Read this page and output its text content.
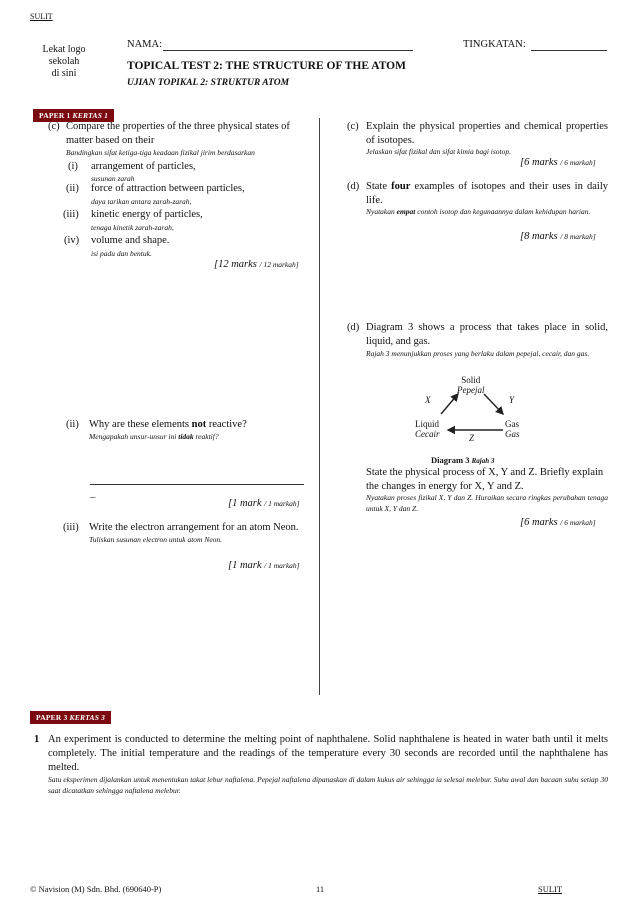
SULIT
Lekat logo
sekolah
di sini
NAMA:	TINGKATAN:
TOPICAL TEST 2: THE STRUCTURE OF THE ATOM
UJIAN TOPIKAL 2: STRUKTUR ATOM
PAPER 1 KERTAS 1
(c) Compare the properties of the three physical states of matter based on their
Bandingkan sifat ketiga-tiga keadaan fizikal jirim berdasarkan
(i) arrangement of particles,
susunan zarah
(ii) force of attraction between particles,
daya tarikan antara zarah-zarah,
(iii) kinetic energy of particles,
tenaga kinetik zarah-zarah,
(iv) volume and shape.
isi padu dan bentuk.
[12 marks / 12 markah]
(ii) Why are these elements not reactive?
Mengapakah unsur-unsur ini tidak reaktif?
_
[1 mark / 1 markah]
(iii) Write the electron arrangement for an atom Neon.
Tuliskan susunan electron untuk atom Neon.
[1 mark / 1 markah]
(c) Explain the physical properties and chemical properties of isotopes.
Jelaskan sifat fizikal dan sifat kimia bagi isotop.
[6 marks / 6 markah]
(d) State four examples of isotopes and their uses in daily life.
Nyatakan empat contoh isotop dan kegunaannya dalam kehidupan harian.
[8 marks / 8 markah]
(d) Diagram 3 shows a process that takes place in solid, liquid, and gas.
Rajah 3 menunjukkan proses yang berlaku dalam pepejal, cecair, dan gas.
Solid
Pepejal
X	Y
Liquid
Cecair
Gas
Gas
Z
Diagram 3 Rajah 3
State the physical process of X, Y and Z. Briefly explain the changes in energy for X, Y and Z.
Nyatakan proses fizikal X, Y dan Z. Huraikan secara ringkas perubahan tenaga untuk X, Y dan Z.
[6 marks / 6 markah]
PAPER 3 KERTAS 3
1 An experiment is conducted to determine the melting point of naphthalene. Solid naphthalene is heated in water bath until it melts completely. The initial temperature and the readings of the temperature every 30 seconds are recorded until the naphthalene has melted.
Satu eksperimen dijalankan untuk menentukan takat lebur naftalena. Pepejal naftalena dipanaskan di dalam kukus air sehingga ia selesai melebur. Suhu awal dan bacaan suhu setiap 30 saat dicatatkan sehingga naftalena melebur.
© Navision (M) Sdn. Bhd. (690640-P)	11	SULIT
